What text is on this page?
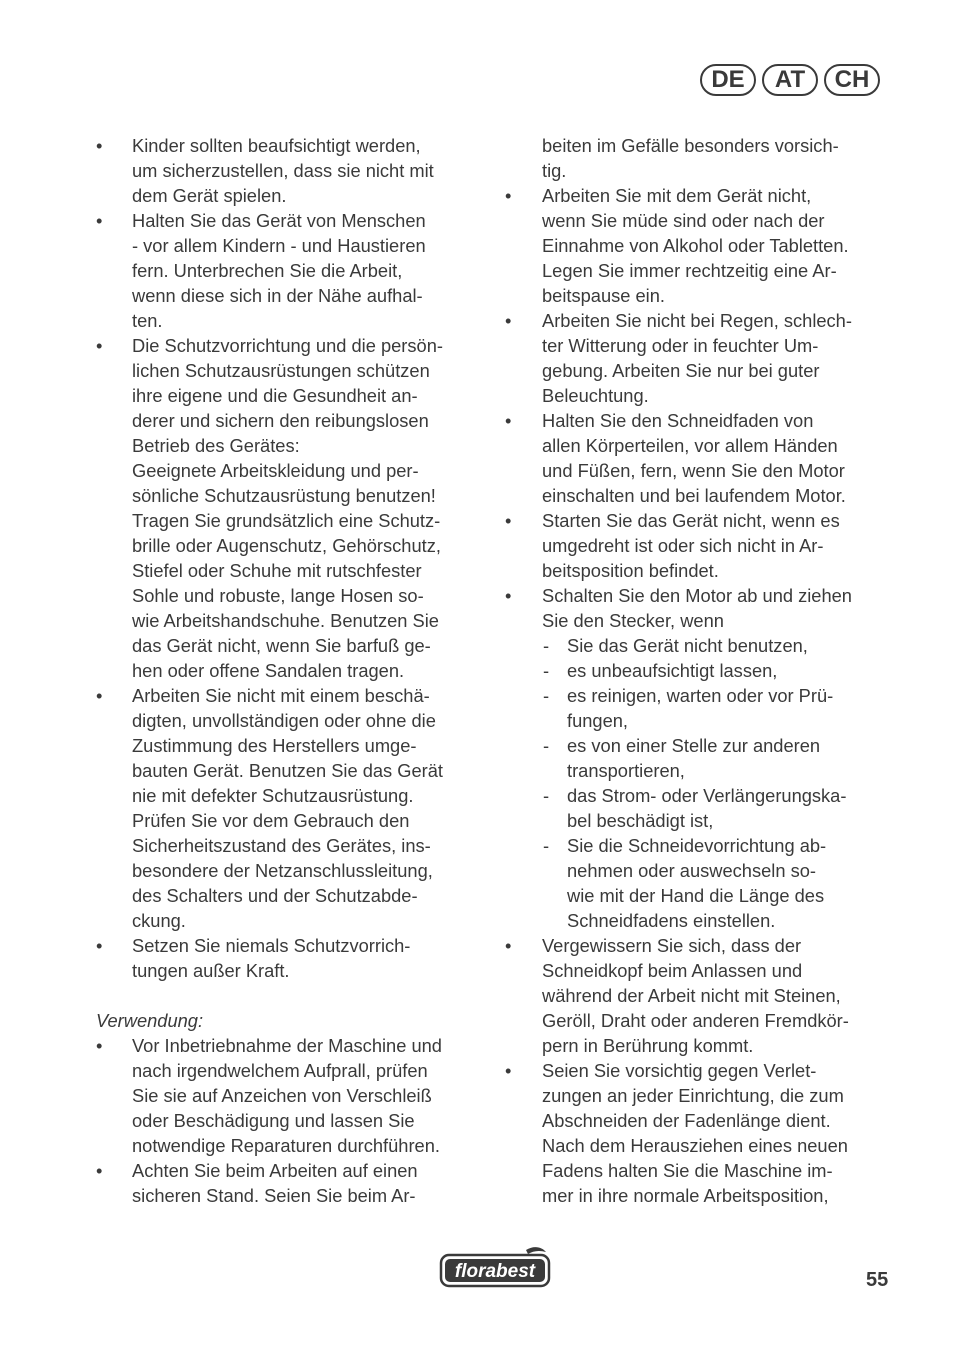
DE	AT	CH
• Kinder sollten beaufsichtigt werden,
um sicherzustellen, dass sie nicht mit
dem Gerät spielen.
• Halten Sie das Gerät von Menschen
- vor allem Kindern - und Haustieren
fern. Unterbrechen Sie die Arbeit,
wenn diese sich in der Nähe aufhal-
ten.
• Die Schutzvorrichtung und die persön-
lichen Schutzausrüstungen schützen
ihre eigene und die Gesundheit an-
derer und sichern den reibungslosen
Betrieb des Gerätes:
Geeignete Arbeitskleidung und per-
sönliche Schutzausrüstung benutzen!
Tragen Sie grundsätzlich eine Schutz-
brille oder Augenschutz, Gehörschutz,
Stiefel oder Schuhe mit rutschfester
Sohle und robuste, lange Hosen so-
wie Arbeitshandschuhe. Benutzen Sie
das Gerät nicht, wenn Sie barfuß ge-
hen oder offene Sandalen tragen.
• Arbeiten Sie nicht mit einem beschä-
digten, unvollständigen oder ohne die
Zustimmung des Herstellers umge-
bauten Gerät. Benutzen Sie das Gerät
nie mit defekter Schutzausrüstung.
Prüfen Sie vor dem Gebrauch den
Sicherheitszustand des Gerätes, ins-
besondere der Netzanschlussleitung,
des Schalters und der Schutzabde-
ckung.
• Setzen Sie niemals Schutzvorrich-
tungen außer Kraft.
Verwendung:
• Vor Inbetriebnahme der Maschine und
nach irgendwelchem Aufprall, prüfen
Sie sie auf Anzeichen von Verschleiß
oder Beschädigung und lassen Sie
notwendige Reparaturen durchführen.
• Achten Sie beim Arbeiten auf einen
sicheren Stand. Seien Sie beim Ar-
beiten im Gefälle besonders vorsich-
tig.
• Arbeiten Sie mit dem Gerät nicht,
wenn Sie müde sind oder nach der
Einnahme von Alkohol oder Tabletten.
Legen Sie immer rechtzeitig eine Ar-
beitspause ein.
• Arbeiten Sie nicht bei Regen, schlech-
ter Witterung oder in feuchter Um-
gebung. Arbeiten Sie nur bei guter
Beleuchtung.
• Halten Sie den Schneidfaden von
allen Körperteilen, vor allem Händen
und Füßen, fern, wenn Sie den Motor
einschalten und bei laufendem Motor.
• Starten Sie das Gerät nicht, wenn es
umgedreht ist oder sich nicht in Ar-
beitsposition befindet.
• Schalten Sie den Motor ab und ziehen
Sie den Stecker, wenn
- Sie das Gerät nicht benutzen,
- es unbeaufsichtigt lassen,
- es reinigen, warten oder vor Prü-
fungen,
- es von einer Stelle zur anderen
transportieren,
- das Strom- oder Verlängerungska-
bel beschädigt ist,
- Sie die Schneidevorrichtung ab-
nehmen oder auswechseln so-
wie mit der Hand die Länge des
Schneidfadens einstellen.
• Vergewissern Sie sich, dass der
Schneidkopf beim Anlassen und
während der Arbeit nicht mit Steinen,
Geröll, Draht oder anderen Fremdkör-
pern in Berührung kommt.
• Seien Sie vorsichtig gegen Verlet-
zungen an jeder Einrichtung, die zum
Abschneiden der Fadenlänge dient.
Nach dem Herausziehen eines neuen
Fadens halten Sie die Maschine im-
mer in ihre normale Arbeitsposition,
florabest	55
